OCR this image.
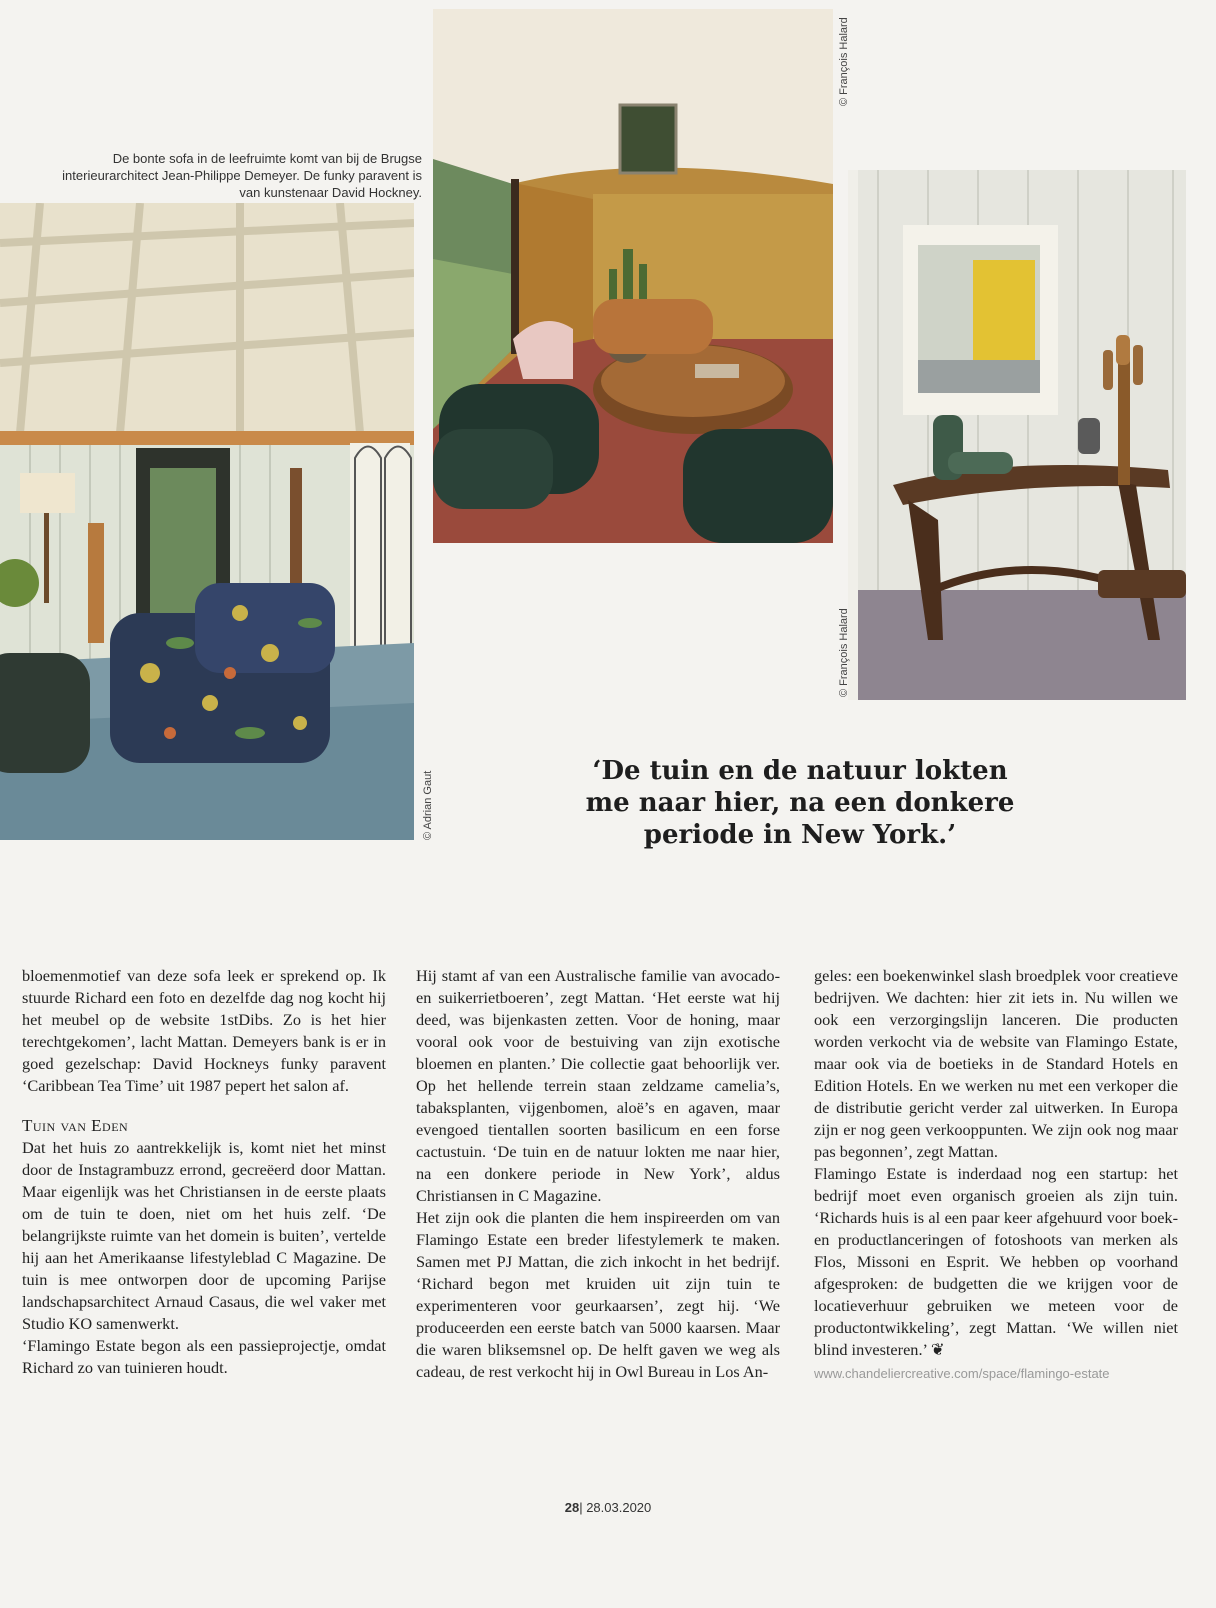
De bonte sofa in de leefruimte komt van bij de Brugse interieurarchitect Jean-Philippe Demeyer. De funky paravent is van kunstenaar David Hockney.
© Adrian Gaut
© François Halard
© François Halard
‘De tuin en de natuur lokten
me naar hier, na een donkere
periode in New York.’

bloemenmotief van deze sofa leek er sprekend op. Ik stuurde Richard een foto en dezelfde dag nog kocht hij het meubel op de website 1stDibs. Zo is het hier terechtgekomen’, lacht Mattan. Demeyers bank is er in goed gezelschap: David Hockneys funky paravent ‘Caribbean Tea Time’ uit 1987 pepert het salon af.

Tuin van Eden

Dat het huis zo aantrekkelijk is, komt niet het minst door de Instagrambuzz errond, gecreëerd door Mattan. Maar eigenlijk was het Christiansen in de eerste plaats om de tuin te doen, niet om het huis zelf. ‘De belangrijkste ruimte van het domein is buiten’, vertelde hij aan het Amerikaanse lifestyleblad C Magazine. De tuin is mee ontworpen door de upcoming Parijse landschapsarchitect Arnaud Casaus, die wel vaker met Studio KO samenwerkt.

‘Flamingo Estate begon als een passieprojectje, omdat Richard zo van tuinieren houdt.

Hij stamt af van een Australische familie van avocado- en suikerrietboeren’, zegt Mattan. ‘Het eerste wat hij deed, was bijenkasten zetten. Voor de honing, maar vooral ook voor de bestuiving van zijn exotische bloemen en planten.’ Die collectie gaat behoorlijk ver. Op het hellende terrein staan zeldzame camelia’s, tabaksplanten, vijgenbomen, aloë’s en agaven, maar evengoed tientallen soorten basilicum en een forse cactustuin. ‘De tuin en de natuur lokten me naar hier, na een donkere periode in New York’, aldus Christiansen in C Magazine.

Het zijn ook die planten die hem inspireerden om van Flamingo Estate een breder lifestylemerk te maken. Samen met PJ Mattan, die zich inkocht in het bedrijf. ‘Richard begon met kruiden uit zijn tuin te experimenteren voor geurkaarsen’, zegt hij. ‘We produceerden een eerste batch van 5000 kaarsen. Maar die waren bliksemsnel op. De helft gaven we weg als cadeau, de rest verkocht hij in Owl Bureau in Los An-

geles: een boekenwinkel slash broedplek voor creatieve bedrijven. We dachten: hier zit iets in. Nu willen we ook een verzorgingslijn lanceren. Die producten worden verkocht via de website van Flamingo Estate, maar ook via de boetieks in de Standard Hotels en Edition Hotels. En we werken nu met een verkoper die de distributie gericht verder zal uitwerken. In Europa zijn er nog geen verkooppunten. We zijn ook nog maar pas begonnen’, zegt Mattan.

Flamingo Estate is inderdaad nog een startup: het bedrijf moet even organisch groeien als zijn tuin. ‘Richards huis is al een paar keer afgehuurd voor boek- en productlanceringen of fotoshoots van merken als Flos, Missoni en Esprit. We hebben op voorhand afgesproken: de budgetten die we krijgen voor de locatieverhuur gebruiken we meteen voor de productontwikkeling’, zegt Mattan. ‘We willen niet blind investeren.’ ❦

www.chandeliercreative.com/space/flamingo-estate

28| 28.03.2020
